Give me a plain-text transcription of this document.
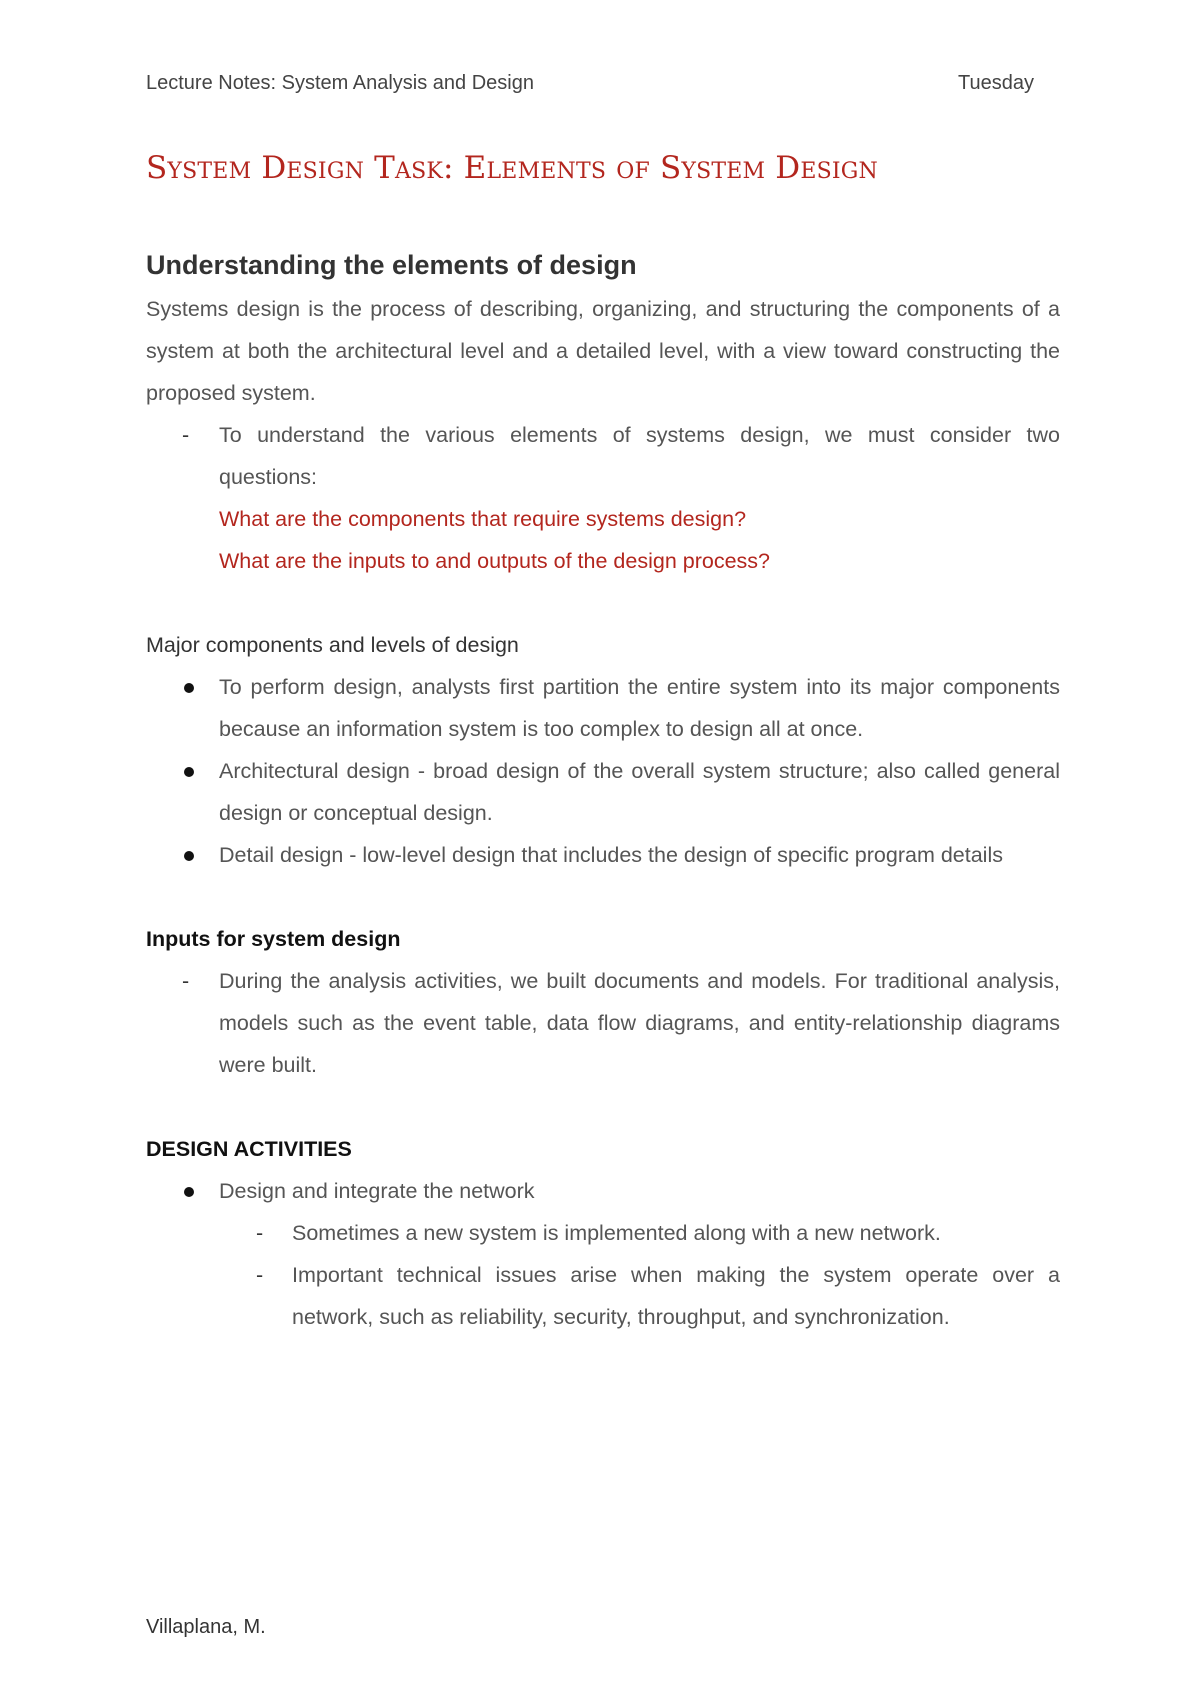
Lecture Notes: System Analysis and Design	Tuesday
System Design Task: Elements of System Design
Understanding the elements of design

Systems design is the process of describing, organizing, and structuring the components of a system at both the architectural level and a detailed level, with a view toward constructing the proposed system.

-	To understand the various elements of systems design, we must consider two questions:

What are the components that require systems design?

What are the inputs to and outputs of the design process?

Major components and levels of design

To perform design, analysts first partition the entire system into its major components because an information system is too complex to design all at once.
Architectural design - broad design of the overall system structure; also called general design or conceptual design.
Detail design - low-level design that includes the design of specific program details

Inputs for system design

-	During the analysis activities, we built documents and models. For traditional analysis, models such as the event table, data flow diagrams, and entity-relationship diagrams were built.

DESIGN ACTIVITIES

Design and integrate the network
-	Sometimes a new system is implemented along with a new network.
-	Important technical issues arise when making the system operate over a network, such as reliability, security, throughput, and synchronization.
Villaplana, M.
